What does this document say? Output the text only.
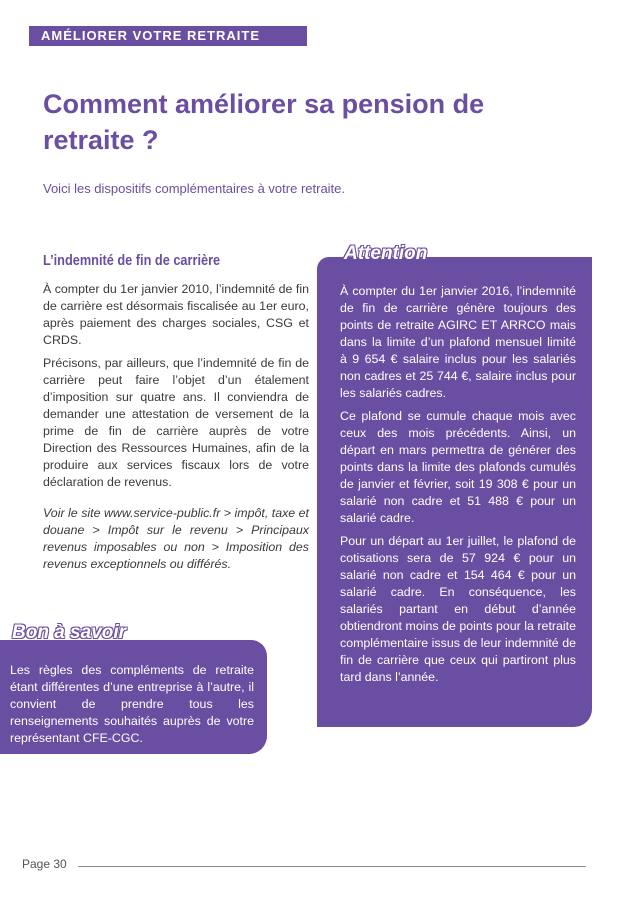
AMÉLIORER VOTRE RETRAITE
Comment améliorer sa pension de retraite ?
Voici les dispositifs complémentaires à votre retraite.
L’indemnité de fin de carrière

À compter du 1er janvier 2010, l’indemnité de fin de carrière est désormais fiscalisée au 1er euro, après paiement des charges sociales, CSG et CRDS.

Précisons, par ailleurs, que l’indemnité de fin de carrière peut faire l’objet d’un étalement d’imposition sur quatre ans. Il conviendra de demander une attestation de versement de la prime de fin de carrière auprès de votre Direction des Ressources Humaines, afin de la produire aux services fiscaux lors de votre déclaration de revenus.

Voir le site www.service-public.fr > impôt, taxe et douane > Impôt sur le revenu > Principaux revenus imposables ou non > Imposition des revenus exceptionnels ou différés.

Attention

À compter du 1er janvier 2016, l’indemnité de fin de carrière génère toujours des points de retraite AGIRC ET ARRCO mais dans la limite d’un plafond mensuel limité à 9 654 € salaire inclus pour les salariés non cadres et 25 744 €, salaire inclus pour les salariés cadres.

Ce plafond se cumule chaque mois avec ceux des mois précédents. Ainsi, un départ en mars permettra de générer des points dans la limite des plafonds cumulés de janvier et février, soit 19 308 € pour un salarié non cadre et 51 488 € pour un salarié cadre.

Pour un départ au 1er juillet, le plafond de cotisations sera de 57 924 € pour un salarié non cadre et 154 464 € pour un salarié cadre. En conséquence, les salariés partant en début d’année obtiendront moins de points pour la retraite complémentaire issus de leur indemnité de fin de carrière que ceux qui partiront plus tard dans l’année.

Bon à savoir
Les règles des compléments de retraite étant différentes d’une entreprise à l’autre, il convient de prendre tous les renseignements souhaités auprès de votre représentant CFE-CGC.
Page 30
